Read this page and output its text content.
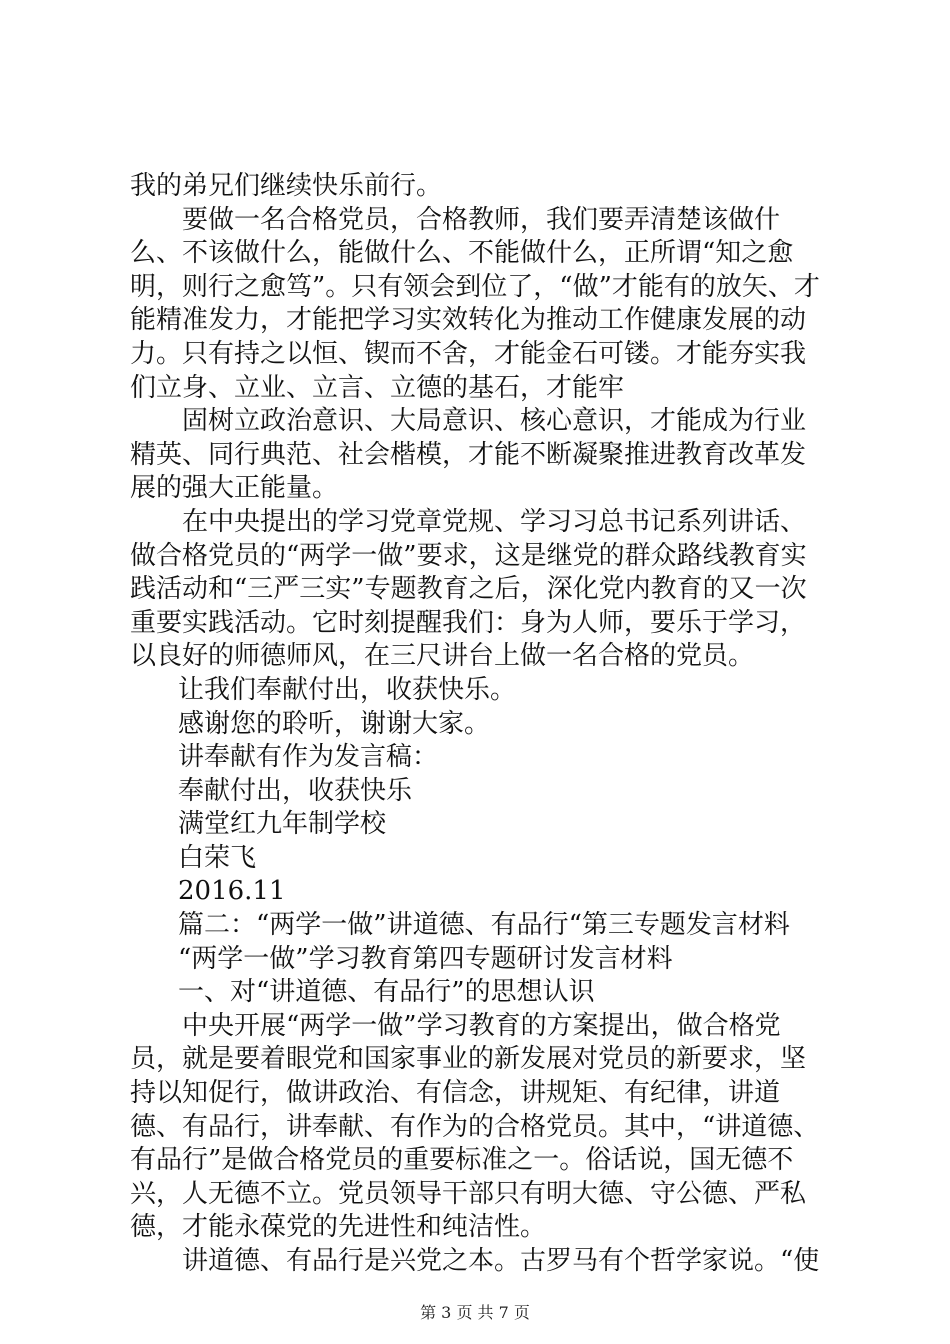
我的弟兄们继续快乐前行。

要做一名合格党员，合格教师，我们要弄清楚该做什么、不该做什么，能做什么、不能做什么，正所谓“知之愈明，则行之愈笃”。只有领会到位了，“做”才能有的放矢、才能精准发力，才能把学习实效转化为推动工作健康发展的动力。只有持之以恒、锲而不舍，才能金石可镂。才能夯实我们立身、立业、立言、立德的基石，才能牢

固树立政治意识、大局意识、核心意识，才能成为行业精英、同行典范、社会楷模，才能不断凝聚推进教育改革发展的强大正能量。

在中央提出的学习党章党规、学习习总书记系列讲话、做合格党员的“两学一做”要求，这是继党的群众路线教育实践活动和“三严三实”专题教育之后，深化党内教育的又一次重要实践活动。它时刻提醒我们：身为人师，要乐于学习，以良好的师德师风，在三尺讲台上做一名合格的党员。

让我们奉献付出，收获快乐。

感谢您的聆听，谢谢大家。

讲奉献有作为发言稿：

奉献付出，收获快乐

满堂红九年制学校

白荣飞

2016.11

篇二：“两学一做”讲道德、有品行“第三专题发言材料

“两学一做”学习教育第四专题研讨发言材料

一、对“讲道德、有品行”的思想认识

中央开展“两学一做”学习教育的方案提出，做合格党员，就是要着眼党和国家事业的新发展对党员的新要求，坚持以知促行，做讲政治、有信念，讲规矩、有纪律，讲道德、有品行，讲奉献、有作为的合格党员。其中，“讲道德、有品行”是做合格党员的重要标准之一。俗话说，国无德不兴，人无德不立。党员领导干部只有明大德、守公德、严私德，才能永葆党的先进性和纯洁性。

讲道德、有品行是兴党之本。古罗马有个哲学家说。“使

第 3 页 共 7 页
